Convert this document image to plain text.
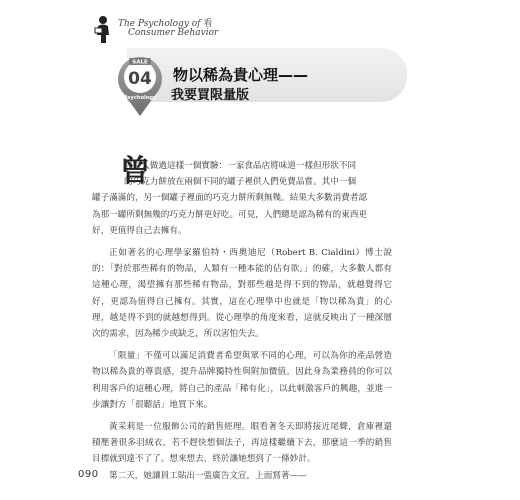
The Psychology of 看
Consumer Behavior
SALE
04
Psychology
物以稀為貴心理——
我要買限量版
曾

經有人做過這樣一個實驗：一家食品店將味道一樣但形狀不同

的巧克力餅放在兩個不同的罐子裡供人們免費品嘗。其中一個

罐子滿滿的，另一個罐子裡面的巧克力餅所剩無幾。結果大多數消費者認

為那一罐所剩無幾的巧克力餅更好吃。可見，人們總是認為稀有的東西更

好，更值得自己去擁有。

正如著名的心理學家羅伯特・西奧迪尼（Robert B. Cialdini）博士說的：「對於那些稀有的物品，人類有一種本能的佔有欲。」的確，大多數人都有這種心理，渴望擁有那些稀有物品，對那些越是得不到的物品，就越覺得它好，更認為值得自己擁有。其實，這在心理學中也就是「物以稀為貴」的心理，越是得不到的就越想得到。從心理學的角度來看，這就反映出了一種深層次的需求，因為稀少或缺乏，所以害怕失去。

「限量」不僅可以滿足消費者希望與眾不同的心理，可以為你的產品營造物以稀為貴的尊貴感，提升品牌獨特性與附加價值。因此身為業務員的你可以利用客戶的這種心理，將自己的產品「稀有化」，以此刺激客戶的興趣，並進一步讓對方「很聽話」地買下來。

黃采莉是一位服飾公司的銷售經理。眼看著冬天即將接近尾聲，倉庫裡還積壓著很多羽絨衣，若不趕快想個法子，再這樣繼續下去，那麼這一季的銷售目標就到達不了了。想來想去，終於讓她想到了一條妙計。

第二天，她讓員工貼出一張廣告文宣，上面寫著——

090
